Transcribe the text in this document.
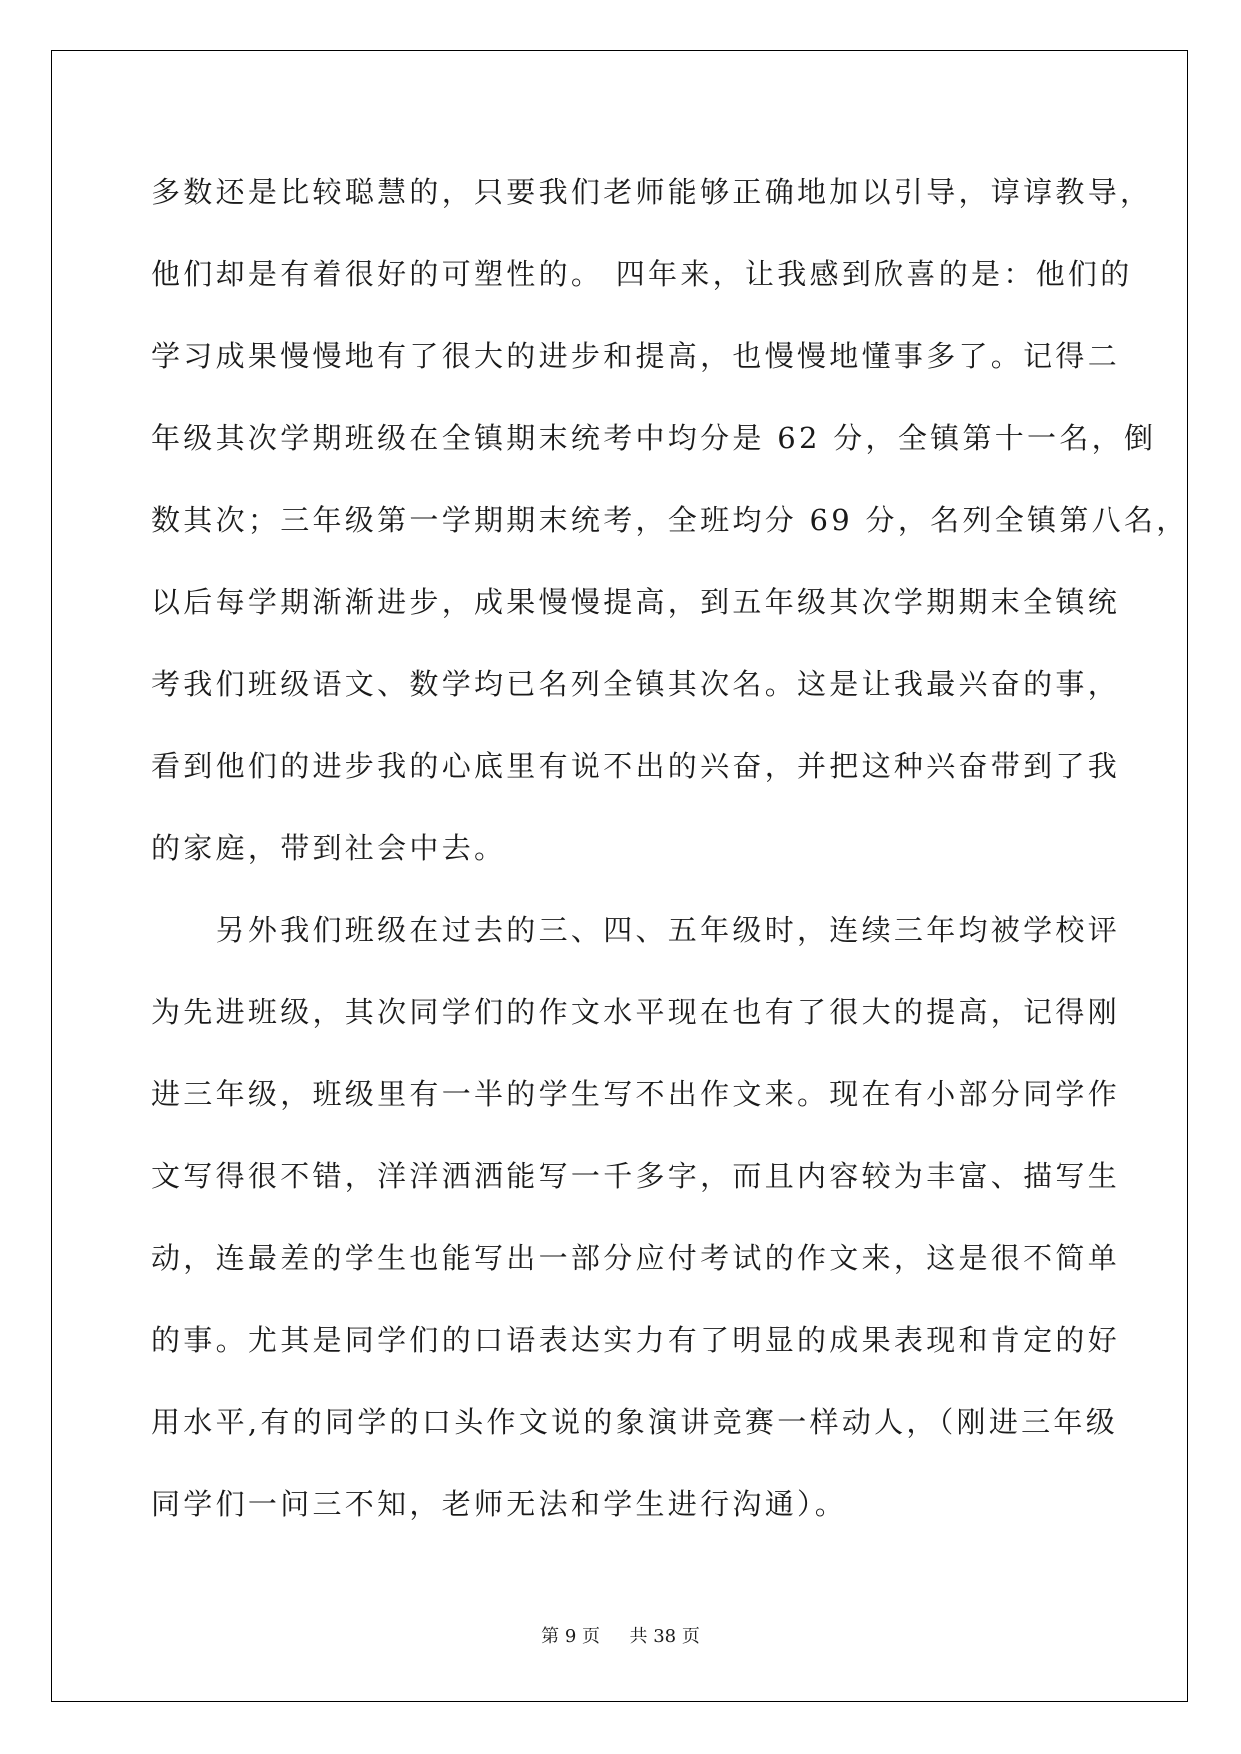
多数还是比较聪慧的，只要我们老师能够正确地加以引导，谆谆教导，
他们却是有着很好的可塑性的。 四年来，让我感到欣喜的是：他们的
学习成果慢慢地有了很大的进步和提高，也慢慢地懂事多了。记得二
年级其次学期班级在全镇期末统考中均分是 62 分，全镇第十一名，倒
数其次；三年级第一学期期末统考，全班均分 69 分，名列全镇第八名，
以后每学期渐渐进步，成果慢慢提高，到五年级其次学期期末全镇统
考我们班级语文、数学均已名列全镇其次名。这是让我最兴奋的事，
看到他们的进步我的心底里有说不出的兴奋，并把这种兴奋带到了我
的家庭，带到社会中去。
　　另外我们班级在过去的三、四、五年级时，连续三年均被学校评
为先进班级，其次同学们的作文水平现在也有了很大的提高，记得刚
进三年级，班级里有一半的学生写不出作文来。现在有小部分同学作
文写得很不错，洋洋洒洒能写一千多字，而且内容较为丰富、描写生
动，连最差的学生也能写出一部分应付考试的作文来，这是很不简单
的事。尤其是同学们的口语表达实力有了明显的成果表现和肯定的好
用水平,有的同学的口头作文说的象演讲竞赛一样动人，（刚进三年级
同学们一问三不知，老师无法和学生进行沟通）。
第 9 页 共 38 页
